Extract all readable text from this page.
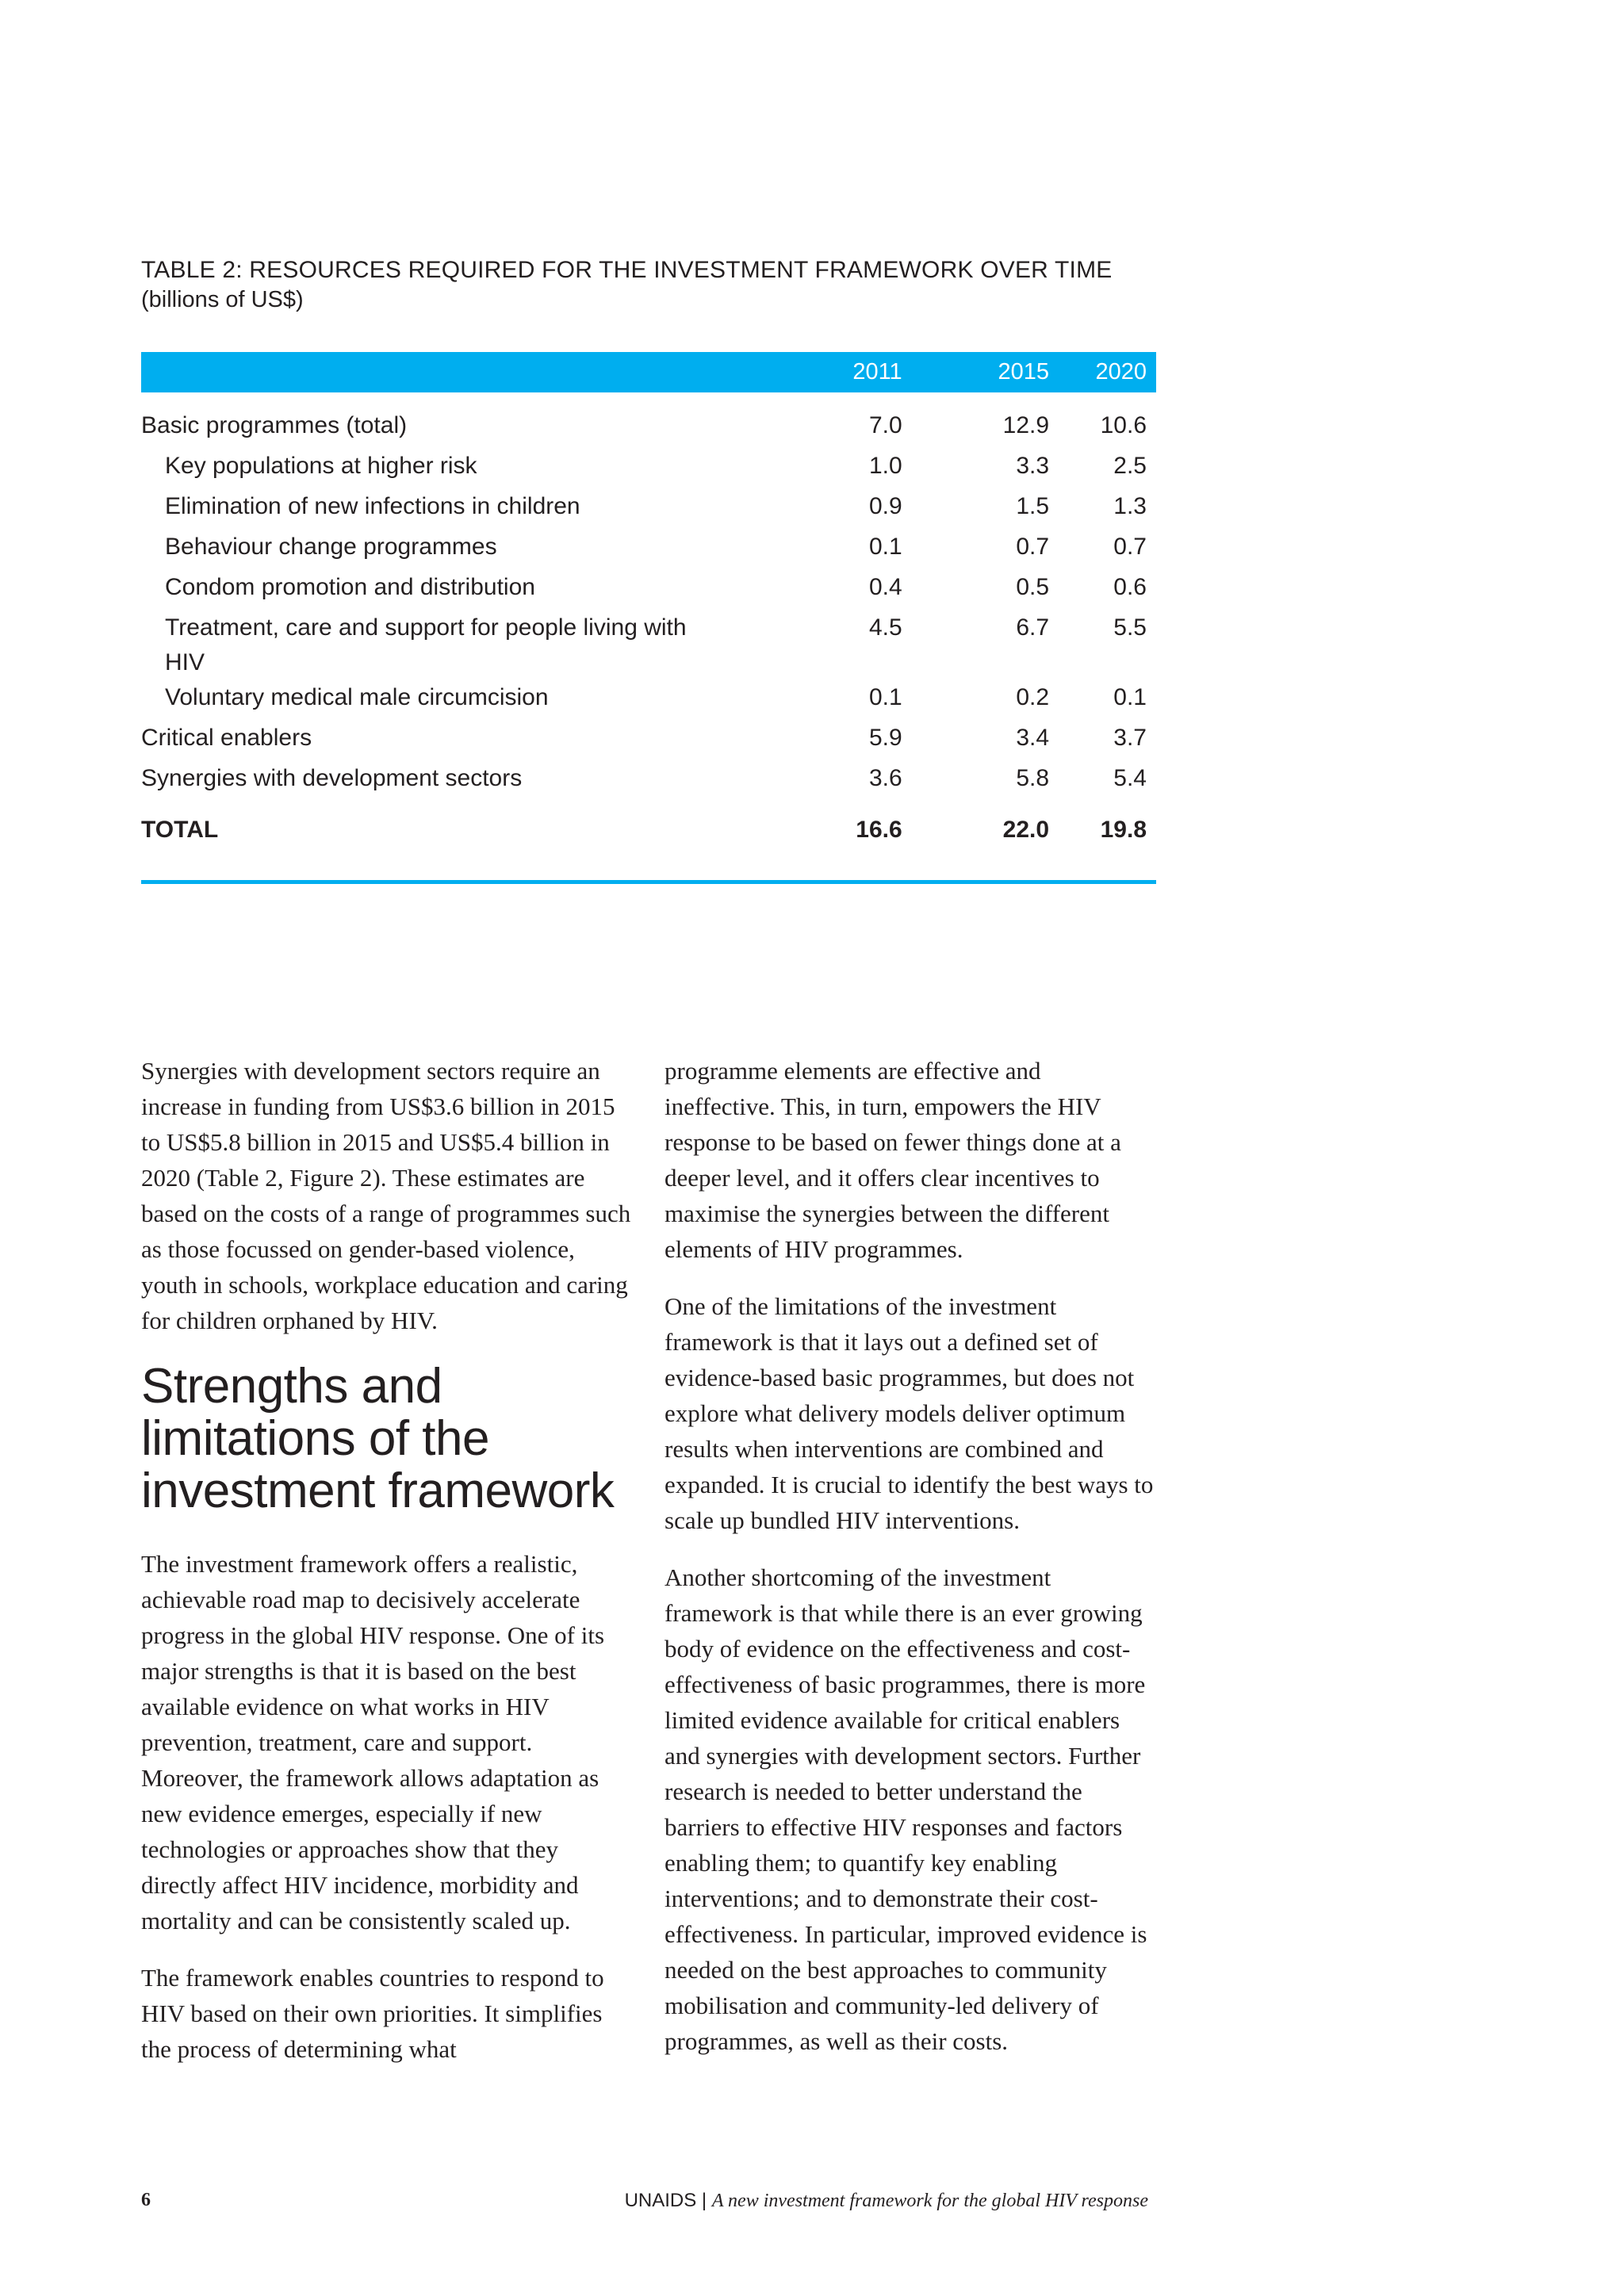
TABLE 2: RESOURCES REQUIRED FOR THE INVESTMENT FRAMEWORK OVER TIME
(billions of US$)
	2011	2015	2020
Basic programmes (total)	7.0	12.9	10.6
Key populations at higher risk	1.0	3.3	2.5
Elimination of new infections in children	0.9	1.5	1.3
Behaviour change programmes	0.1	0.7	0.7
Condom promotion and distribution	0.4	0.5	0.6
Treatment, care and support for people living with HIV	4.5	6.7	5.5
Voluntary medical male circumcision	0.1	0.2	0.1
Critical enablers	5.9	3.4	3.7
Synergies with development sectors	3.6	5.8	5.4
TOTAL	16.6	22.0	19.8

Synergies with development sectors require an increase in funding from US$3.6 billion in 2015 to US$5.8 billion in 2015 and US$5.4 billion in 2020 (Table 2, Figure 2). These estimates are based on the costs of a range of programmes such as those focussed on gender-based violence, youth in schools, workplace education and caring for children orphaned by HIV.

Strengths and limitations of the investment framework

The investment framework offers a realistic, achievable road map to decisively accelerate progress in the global HIV response. One of its major strengths is that it is based on the best available evidence on what works in HIV prevention, treatment, care and support. Moreover, the framework allows adaptation as new evidence emerges, especially if new technologies or approaches show that they directly affect HIV incidence, morbidity and mortality and can be consistently scaled up.

The framework enables countries to respond to HIV based on their own priorities. It simplifies the process of determining what

programme elements are effective and ineffective. This, in turn, empowers the HIV response to be based on fewer things done at a deeper level, and it offers clear incentives to maximise the synergies between the different elements of HIV programmes.

One of the limitations of the investment framework is that it lays out a defined set of evidence-based basic programmes, but does not explore what delivery models deliver optimum results when interventions are combined and expanded. It is crucial to identify the best ways to scale up bundled HIV interventions.

Another shortcoming of the investment framework is that while there is an ever growing body of evidence on the effectiveness and cost-effectiveness of basic programmes, there is more limited evidence available for critical enablers and synergies with development sectors. Further research is needed to better understand the barriers to effective HIV responses and factors enabling them; to quantify key enabling interventions; and to demonstrate their cost-effectiveness. In particular, improved evidence is needed on the best approaches to community mobilisation and community-led delivery of programmes, as well as their costs.

6	UNAIDS | A new investment framework for the global HIV response
